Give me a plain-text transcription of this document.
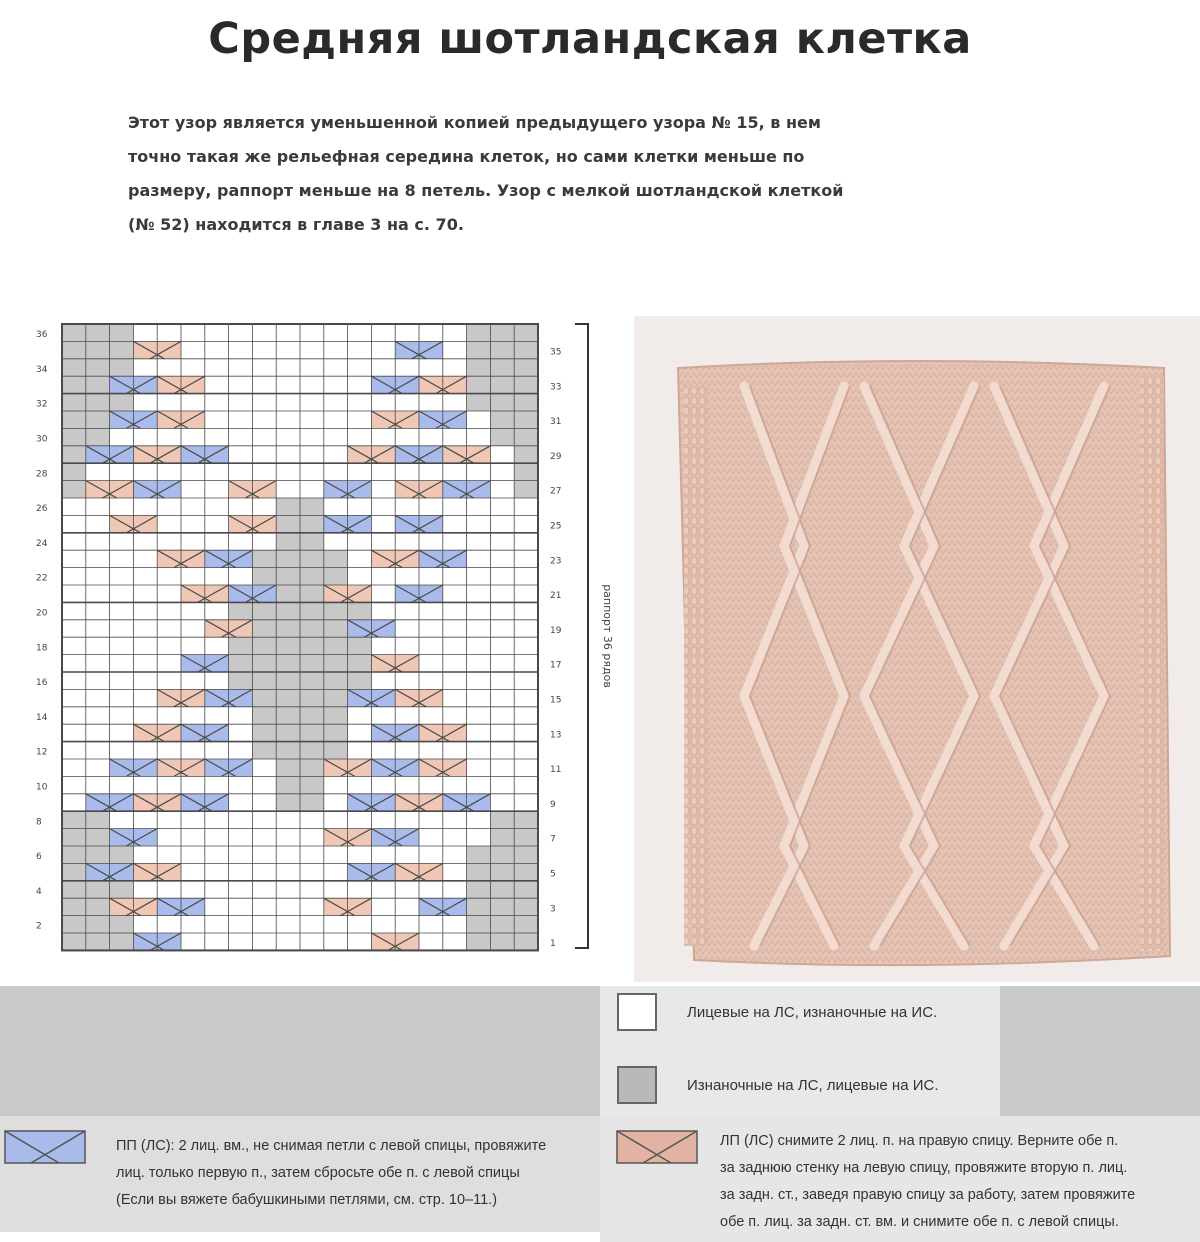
Средняя шотландская клетка
Этот узор является уменьшенной копией предыдущего узора № 15, в нем
точно такая же рельефная середина клеток, но сами клетки меньше по
размеру, раппорт меньше на 8 петель. Узор с мелкой шотландской клеткой
(№ 52) находится в главе 3 на с. 70.
36
34
32
30
28
26
24
22
20
18
16
14
12
10
8
6
4
2
35
33
31
29
27
25
23
21
19
17
15
13
11
9
7
5
3
1
раппорт 36 рядов
Лицевые на ЛС, изнаночные на ИС.
Изнаночные на ЛС, лицевые на ИС.
ПП (ЛС): 2 лиц. вм., не снимая петли с левой спицы, провяжите
лиц. только первую п., затем сбросьте обе п. с левой спицы
(Если вы вяжете бабушкиными петлями, см. стр. 10–11.)
ЛП (ЛС) снимите 2 лиц. п. на правую спицу. Верните обе п.
за заднюю стенку на левую спицу, провяжите вторую п. лиц.
за задн. ст., заведя правую спицу за работу, затем провяжите
обе п. лиц. за задн. ст. вм. и снимите обе п. с левой спицы.
